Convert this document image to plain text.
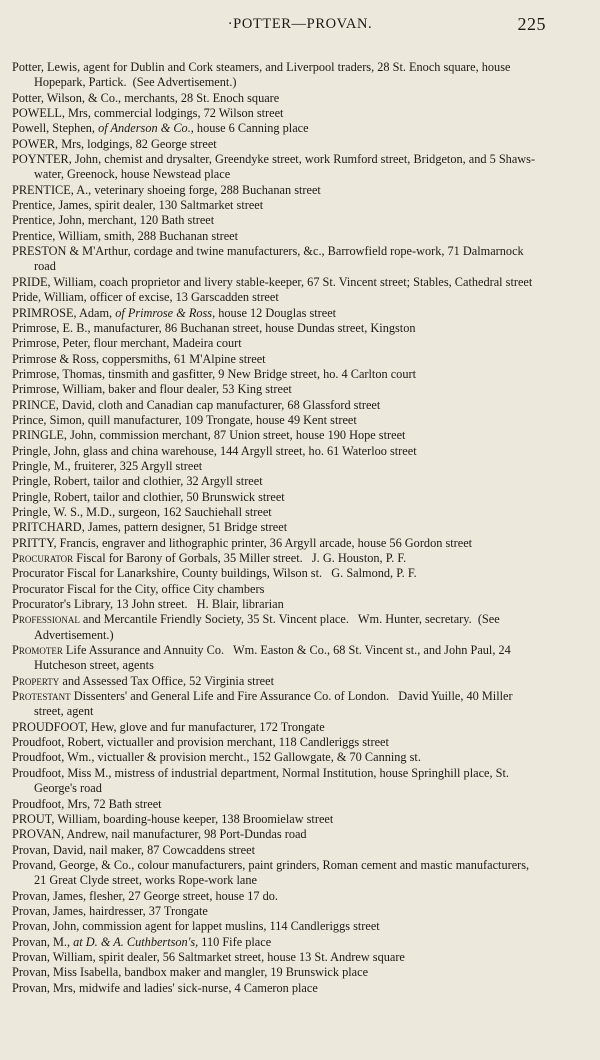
·POTTER—PROVAN.	225
Potter, Lewis, agent for Dublin and Cork steamers, and Liverpool traders, 28 St. Enoch square, house Hopepark, Partick.  (See Advertisement.)
Potter, Wilson, & Co., merchants, 28 St. Enoch square
POWELL, Mrs, commercial lodgings, 72 Wilson street
Powell, Stephen, of Anderson & Co., house 6 Canning place
POWER, Mrs, lodgings, 82 George street
POYNTER, John, chemist and drysalter, Greendyke street, work Rumford street, Bridgeton, and 5 Shaws-water, Greenock, house Newstead place
PRENTICE, A., veterinary shoeing forge, 288 Buchanan street
Prentice, James, spirit dealer, 130 Saltmarket street
Prentice, John, merchant, 120 Bath street
Prentice, William, smith, 288 Buchanan street
PRESTON & M'Arthur, cordage and twine manufacturers, &c., Barrowfield rope-work, 71 Dalmarnock road
PRIDE, William, coach proprietor and livery stable-keeper, 67 St. Vincent street; Stables, Cathedral street
Pride, William, officer of excise, 13 Garscadden street
PRIMROSE, Adam, of Primrose & Ross, house 12 Douglas street
Primrose, E. B., manufacturer, 86 Buchanan street, house Dundas street, Kingston
Primrose, Peter, flour merchant, Madeira court
Primrose & Ross, coppersmiths, 61 M'Alpine street
Primrose, Thomas, tinsmith and gasfitter, 9 New Bridge street, ho. 4 Carlton court
Primrose, William, baker and flour dealer, 53 King street
PRINCE, David, cloth and Canadian cap manufacturer, 68 Glassford street
Prince, Simon, quill manufacturer, 109 Trongate, house 49 Kent street
PRINGLE, John, commission merchant, 87 Union street, house 190 Hope street
Pringle, John, glass and china warehouse, 144 Argyll street, ho. 61 Waterloo street
Pringle, M., fruiterer, 325 Argyll street
Pringle, Robert, tailor and clothier, 32 Argyll street
Pringle, Robert, tailor and clothier, 50 Brunswick street
Pringle, W. S., M.D., surgeon, 162 Sauchiehall street
PRITCHARD, James, pattern designer, 51 Bridge street
PRITTY, Francis, engraver and lithographic printer, 36 Argyll arcade, house 56 Gordon street
Procurator Fiscal for Barony of Gorbals, 35 Miller street.   J. G. Houston, P. F.
Procurator Fiscal for Lanarkshire, County buildings, Wilson st.   G. Salmond, P. F.
Procurator Fiscal for the City, office City chambers
Procurator's Library, 13 John street.   H. Blair, librarian
Professional and Mercantile Friendly Society, 35 St. Vincent place.   Wm. Hunter, secretary.  (See Advertisement.)
Promoter Life Assurance and Annuity Co.   Wm. Easton & Co., 68 St. Vincent st., and John Paul, 24 Hutcheson street, agents
Property and Assessed Tax Office, 52 Virginia street
Protestant Dissenters' and General Life and Fire Assurance Co. of London.   David Yuille, 40 Miller street, agent
PROUDFOOT, Hew, glove and fur manufacturer, 172 Trongate
Proudfoot, Robert, victualler and provision merchant, 118 Candleriggs street
Proudfoot, Wm., victualler & provision mercht., 152 Gallowgate, & 70 Canning st.
Proudfoot, Miss M., mistress of industrial department, Normal Institution, house Springhill place, St. George's road
Proudfoot, Mrs, 72 Bath street
PROUT, William, boarding-house keeper, 138 Broomielaw street
PROVAN, Andrew, nail manufacturer, 98 Port-Dundas road
Provan, David, nail maker, 87 Cowcaddens street
Provand, George, & Co., colour manufacturers, paint grinders, Roman cement and mastic manufacturers, 21 Great Clyde street, works Rope-work lane
Provan, James, flesher, 27 George street, house 17 do.
Provan, James, hairdresser, 37 Trongate
Provan, John, commission agent for lappet muslins, 114 Candleriggs street
Provan, M., at D. & A. Cuthbertson's, 110 Fife place
Provan, William, spirit dealer, 56 Saltmarket street, house 13 St. Andrew square
Provan, Miss Isabella, bandbox maker and mangler, 19 Brunswick place
Provan, Mrs, midwife and ladies' sick-nurse, 4 Cameron place
